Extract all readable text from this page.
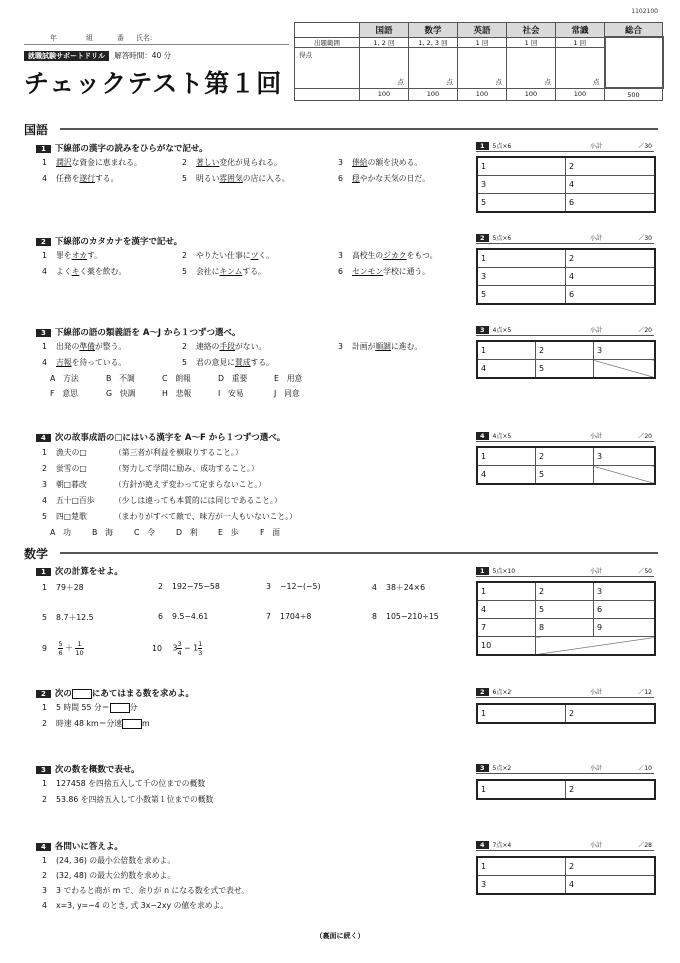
1102100
年	組	番 氏名:
就職試験サポートドリル 解答時間：40 分
チェックテスト第１回
	国語	数学	英語	社会	常識	総合
出題範囲	1, 2 回	1, 2, 3 回	1 回	1 回	1 回	
得点	点	点	点	点	点	

	100	100	100	100	100	500
国語
1 下線部の漢字の読みをひらがなで記せ。
1 潤沢な資金に恵まれる。	2 著しい変化が見られる。	3 俸給の額を決める。
4 任務を遂行する。	5 明るい雰囲気の店に入る。	6 穏やかな天気の日だ。
1 5点×6	小計	／30
1	2
3	4
5	6
2 下線部のカタカナを漢字で記せ。
1 罪をオカす。	2 やりたい仕事にツく。	3 高校生のジカクをもつ。
4 よくキく薬を飲む。	5 会社にキンムする。	6 センモン学校に通う。
2 5点×6	小計	／30
1	2
3	4
5	6
3 下線部の語の類義語を A〜J から１つずつ選べ。
1 出発の準備が整う。	2 連絡の手段がない。	3 計画が順調に進む。
4 吉報を待っている。	5 君の意見に賛成する。
A　方法	B　不調	C　朗報	D　重要	E　用意
F　意思	G　快調	H　悲報	I　安易	J　同意
3 4点×5	小計	／20
1	2	3
4	5	
4 次の故事成語の□にはいる漢字を A〜F から１つずつ選べ。
1 漁夫の□	（第三者が利益を横取りすること。）
2 蛍雪の□	（努力して学問に励み、成功すること。）
3 朝□暮改	（方針が絶えず変わって定まらないこと。）
4 五十□百歩 （少しは違っても本質的には同じであること。）
5 四□楚歌	（まわりがすべて敵で、味方が一人もいないこと。）
A　功	B　海	C　令	D　利	E　歩	F　面
4 4点×5	小計	／20
1	2	3
4	5	
数学
1 次の計算をせよ。
1 79＋28	2 192−75−58	3 −12−(−5)	4 38＋24×6
5 8.7＋12.5	6 9.5−4.61	7 1704÷8	8 105−210÷15
$9 \frac{5}{6} + \frac{1}{10}$	10 $3 \frac{3}{4} - 1 \frac{1}{3}$
1 5点×10	小計	／50
1	2	3
4	5	6
7	8	9
10		
2 次の にあてはまる数を求めよ。
1 5 時間 55 分＝	分
2 時速 48 km＝分速	m
2 6点×2	小計	／12
1	2
3 次の数を概数で表せ。
1 127458 を四捨五入して千の位までの概数
2 53.86 を四捨五入して小数第１位までの概数
3 5点×2	小計	／10
1	2
4 各問いに答えよ。
1 (24, 36) の最小公倍数を求めよ。
2 (32, 48) の最大公約数を求めよ。
3 3 でわると商が m で、余りが n になる数を式で表せ。
4 x=3, y=−4 のとき, 式 3x−2xy の値を求めよ。
4 7点×4	小計	／28
1	2
3	4
（裏面に続く）
